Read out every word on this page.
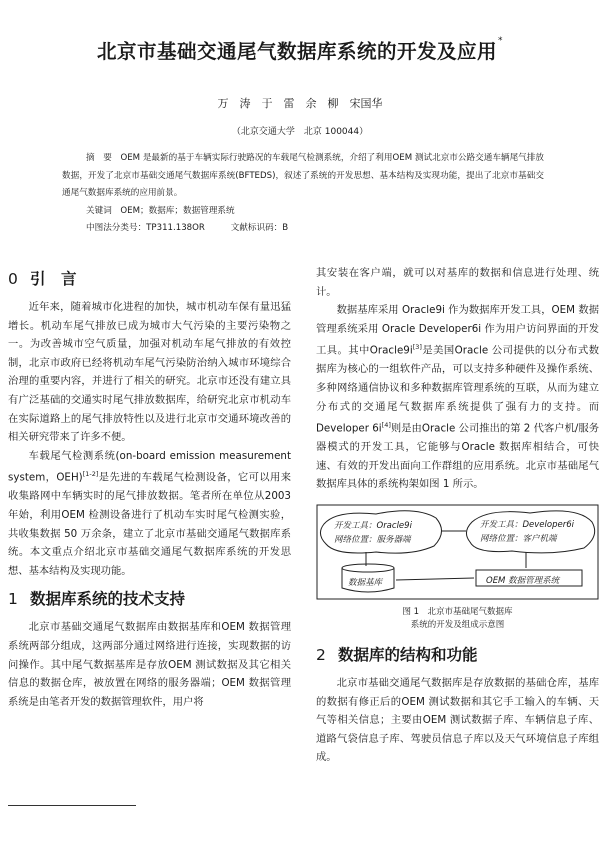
北京市基础交通尾气数据库系统的开发及应用*
万　涛　于　雷　余　柳　宋国华
（北京交通大学　北京 100044）
摘　要　 OEM 是最新的基于车辆实际行驶路况的车载尾气检测系统，介绍了利用OEM 测试北京市公路交通车辆尾气排放数据，开发了北京市基础交通尾气数据库系统(BFTEDS)，叙述了系统的开发思想、基本结构及实现功能，提出了北京市基础交通尾气数据库系统的应用前景。
关键词　 OEM；数据库；数据管理系统
中图法分类号：TP311.138OR　　　	文献标识码：B
0 引　言

近年来，随着城市化进程的加快，城市机动车保有量迅猛增长。机动车尾气排放已成为城市大气污染的主要污染物之一。为改善城市空气质量，加强对机动车尾气排放的有效控制，北京市政府已经将机动车尾气污染防治纳入城市环境综合治理的重要内容，并进行了相关的研究。北京市还没有建立具有广泛基础的交通实时尾气排放数据库，给研究北京市机动车在实际道路上的尾气排放特性以及进行北京市交通环境改善的相关研究带来了许多不便。

车载尾气检测系统(on-board emission measurement system，OEH)[1-2]是先进的车载尾气检测设备，它可以用来收集路网中车辆实时的尾气排放数据。笔者所在单位从2003 年始，利用OEM 检测设备进行了机动车实时尾气检测实验，共收集数据 50 万余条，建立了北京市基础交通尾气数据库系统。本文重点介绍北京市基础交通尾气数据库系统的开发思想、基本结构及实现功能。

1 数据库系统的技术支持

北京市基础交通尾气数据库由数据基库和OEM 数据管理系统两部分组成，这两部分通过网络进行连接，实现数据的访问操作。其中尾气数据基库是存放OEM 测试数据及其它相关信息的数据仓库，被放置在网络的服务器端；OEM 数据管理系统是由笔者开发的数据管理软件，用户将

其安装在客户端，就可以对基库的数据和信息进行处理、统计。

数据基库采用 Oracle9i 作为数据库开发工具，OEM 数据管理系统采用 Oracle Developer6i 作为用户访问界面的开发工具。其中Oracle9i[3]是美国Oracle 公司提供的以分布式数据库为核心的一组软件产品，可以支持多种硬件及操作系统、多种网络通信协议和多种数据库管理系统的互联，从而为建立分布式的交通尾气数据库系统提供了强有力的支持。而Developer 6i[4]则是由Oracle 公司推出的第 2 代客户机/服务器模式的开发工具，它能够与Oracle 数据库相结合，可快速、有效的开发出面向工作群组的应用系统。北京市基础尾气数据库具体的系统构架如图 1 所示。

开发工具：Oracle9i
网络位置：服务器端
开发工具：Developer6i
网络位置：客户机端
数据基库	OEM 数据管理系统
图 1　北京市基础尾气数据库
系统的开发及组成示意图
2 数据库的结构和功能

北京市基础交通尾气数据库是存放数据的基础仓库，基库的数据有修正后的OEM 测试数据和其它手工输入的车辆、天气等相关信息；主要由OEM 测试数据子库、车辆信息子库、道路气袋信息子库、驾驶员信息子库以及天气环境信息子库组成。
